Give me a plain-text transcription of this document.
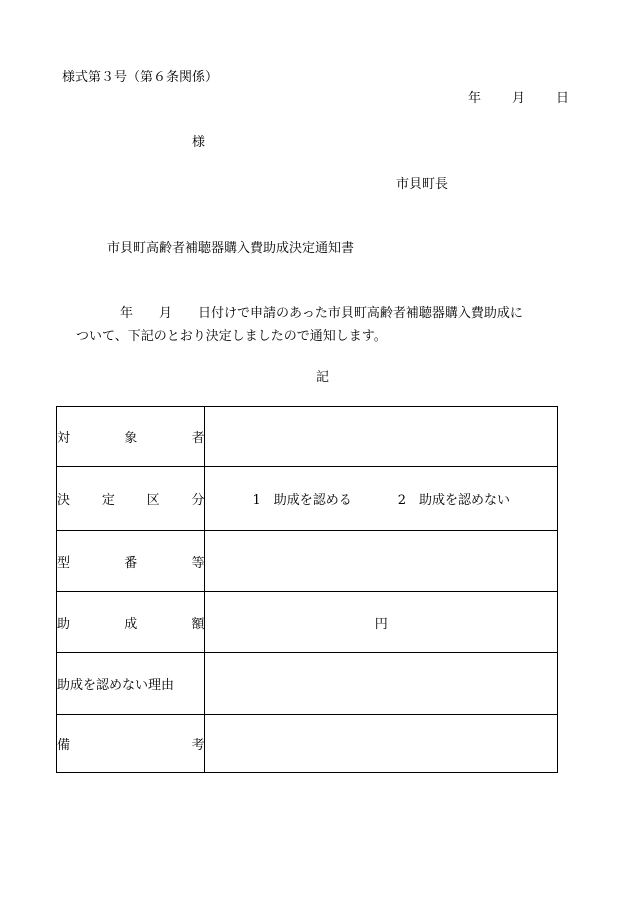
様式第３号（第６条関係）
年 月 日
様
市貝町長
市貝町高齢者補聴器購入費助成決定通知書
年 月 日付けで申請のあった市貝町高齢者補聴器購入費助成に
ついて、下記のとおり決定しましたので通知します。
記
対 象 者	

決 定 区 分	1　助成を認める 2　助成を認めない

型 番 等	

助 成 額	円
助成を認めない理由	

備 考	
